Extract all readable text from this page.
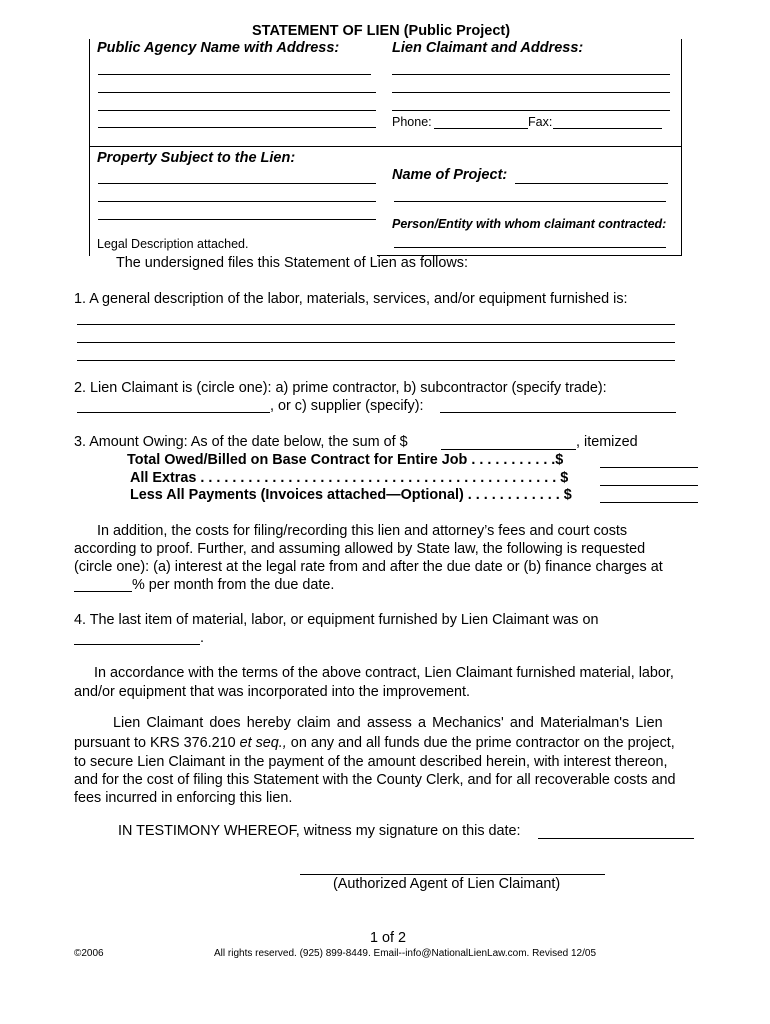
STATEMENT OF LIEN (Public Project)
Public Agency Name with Address:	Lien Claimant and Address:
Phone:	Fax:
Property Subject to the Lien:
Name of Project:
Person/Entity with whom claimant contracted:
Legal Description attached.
The undersigned files this Statement of Lien as follows:
1. A general description of the labor, materials, services, and/or equipment furnished is:
2. Lien Claimant is (circle one): a) prime contractor, b) subcontractor (specify trade):
, or c) supplier (specify):
3. Amount Owing: As of the date below, the sum of $	, itemized
Total Owed/Billed on Base Contract for Entire Job . . . . . . . . . . .$
All Extras . . . . . . . . . . . . . . . . . . . . . . . . . . . . . . . . . . . . . . . . . . . . . $
Less All Payments (Invoices attached—Optional) . . . . . . . . . . . . $
In addition, the costs for filing/recording this lien and attorney’s fees and court costs
according to proof. Further, and assuming allowed by State law, the following is requested
(circle one): (a) interest at the legal rate from and after the due date or (b) finance charges at
% per month from the due date.
4. The last item of material, labor, or equipment furnished by Lien Claimant was on
.
In accordance with the terms of the above contract, Lien Claimant furnished material, labor,
and/or equipment that was incorporated into the improvement.
Lien Claimant does hereby claim and assess a Mechanics' and Materialman's Lien
pursuant to KRS 376.210 et seq., on any and all funds due the prime contractor on the project,
to secure Lien Claimant in the payment of the amount described herein, with interest thereon,
and for the cost of filing this Statement with the County Clerk, and for all recoverable costs and
fees incurred in enforcing this lien.
IN TESTIMONY WHEREOF, witness my signature on this date:
(Authorized Agent of Lien Claimant)
1 of 2
©2006	All rights reserved. (925) 899-8449. Email--info@NationalLienLaw.com. Revised 12/05
